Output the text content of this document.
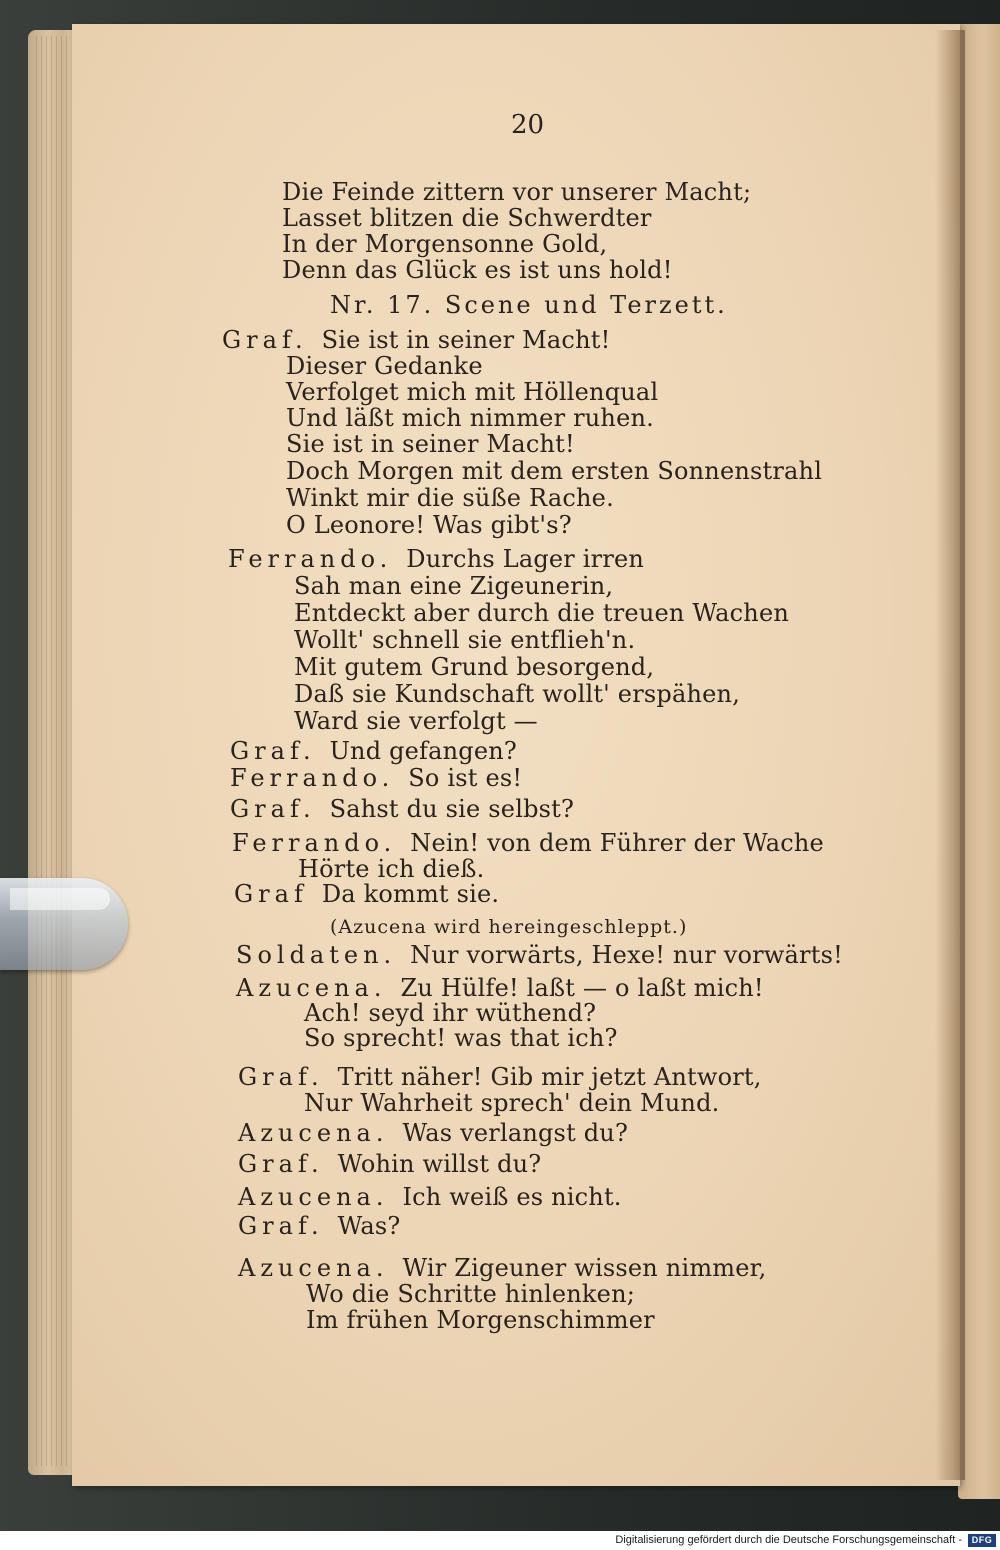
20
Die Feinde zittern vor unserer Macht;
Lasset blitzen die Schwerdter
In der Morgensonne Gold,
Denn das Glück es ist uns hold!
Nr. 17. Scene und Terzett.
Graf. Sie ist in seiner Macht!
Dieser Gedanke
Verfolget mich mit Höllenqual
Und läßt mich nimmer ruhen.
Sie ist in seiner Macht!
Doch Morgen mit dem ersten Sonnenstrahl
Winkt mir die süße Rache.
O Leonore! Was gibt's?
Ferrando. Durchs Lager irren
Sah man eine Zigeunerin,
Entdeckt aber durch die treuen Wachen
Wollt' schnell sie entflieh'n.
Mit gutem Grund besorgend,
Daß sie Kundschaft wollt' erspähen,
Ward sie verfolgt —
Graf. Und gefangen?
Ferrando. So ist es!
Graf. Sahst du sie selbst?
Ferrando. Nein! von dem Führer der Wache
Hörte ich dieß.
Graf Da kommt sie.
(Azucena wird hereingeschleppt.)
Soldaten. Nur vorwärts, Hexe! nur vorwärts!
Azucena. Zu Hülfe! laßt — o laßt mich!
Ach! seyd ihr wüthend?
So sprecht! was that ich?
Graf. Tritt näher! Gib mir jetzt Antwort,
Nur Wahrheit sprech' dein Mund.
Azucena. Was verlangst du?
Graf. Wohin willst du?
Azucena. Ich weiß es nicht.
Graf. Was?
Azucena. Wir Zigeuner wissen nimmer,
Wo die Schritte hinlenken;
Im frühen Morgenschimmer
Digitalisierung gefördert durch die Deutsche Forschungsgemeinschaft -	DFG
